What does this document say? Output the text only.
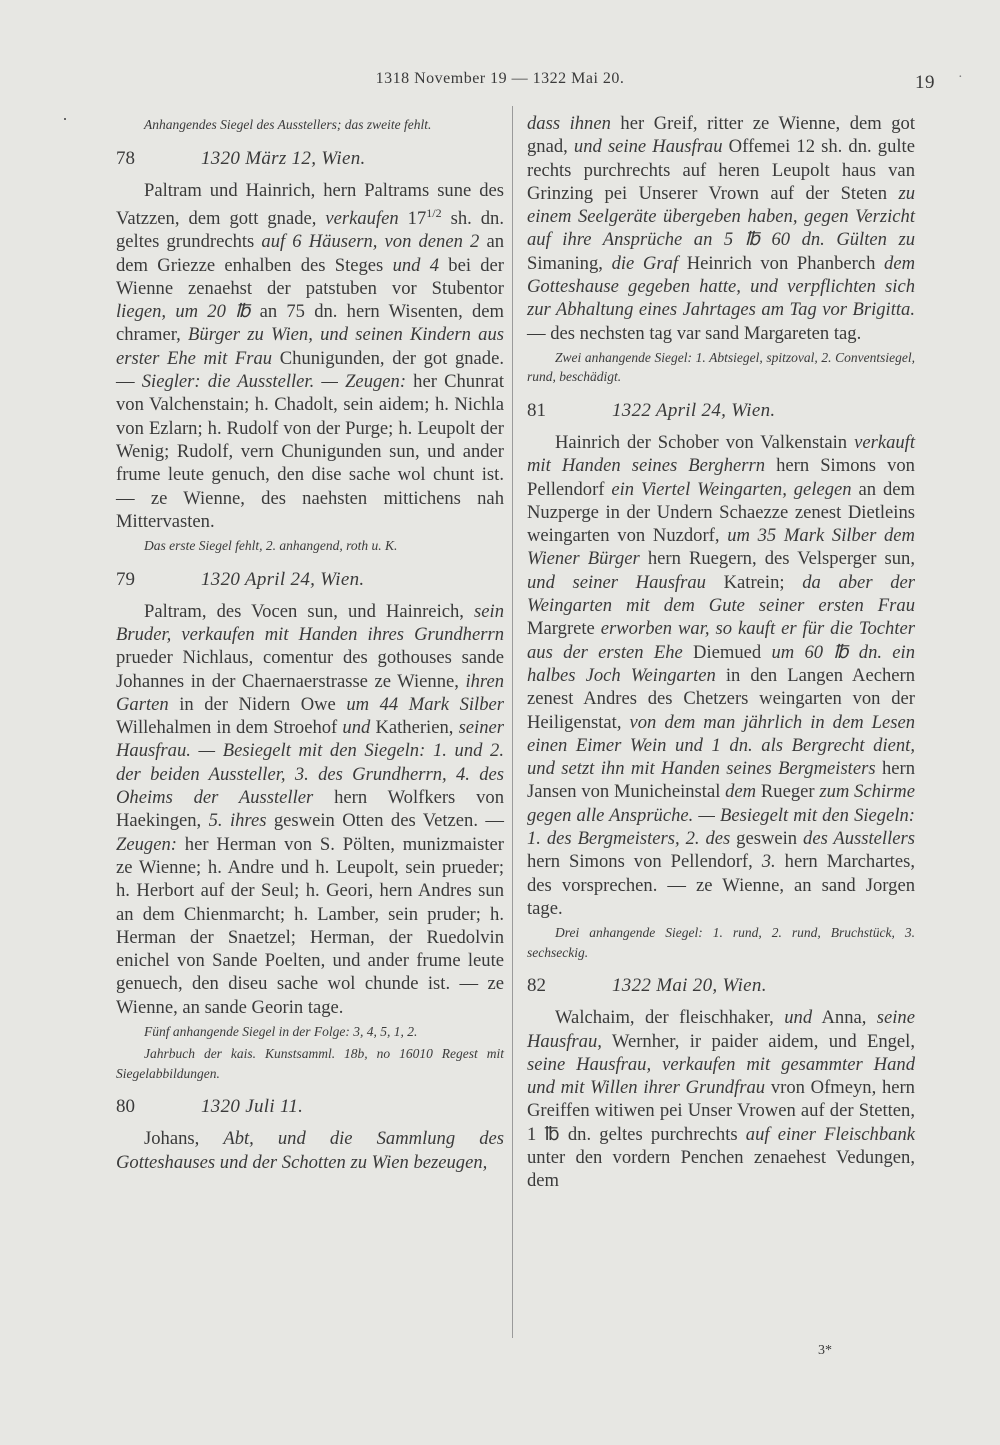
1318 November 19 — 1322 Mai 20.	19 ·

Anhangendes Siegel des Ausstellers; das zweite fehlt.

78	1320 März 12, Wien.

Paltram und Hainrich, hern Paltrams sune des Vatzzen, dem gott gnade, verkaufen $17^{1/2}$ sh. dn. geltes grundrechts auf 6 Häusern, von denen 2 an dem Griezze enhalben des Steges und 4 bei der Wienne zenaehst der patstuben vor Stubentor liegen, um 20 ℔ an 75 dn. hern Wisenten, dem chramer, Bürger zu Wien, und seinen Kindern aus erster Ehe mit Frau Chunigunden, der got gnade. — Siegler: die Aussteller. — Zeugen: her Chunrat von Valchenstain; h. Chadolt, sein aidem; h. Nichla von Ezlarn; h. Rudolf von der Purge; h. Leupolt der Wenig; Rudolf, vern Chunigunden sun, und ander frume leute genuch, den dise sache wol chunt ist. — ze Wienne, des naehsten mittichens nah Mittervasten.

Das erste Siegel fehlt, 2. anhangend, roth u. K.

79	1320 April 24, Wien.

Paltram, des Vocen sun, und Hainreich, sein Bruder, verkaufen mit Handen ihres Grundherrn prueder Nichlaus, comentur des gothouses sande Johannes in der Chaernaerstrasse ze Wienne, ihren Garten in der Nidern Owe um 44 Mark Silber Willehalmen in dem Stroehof und Katherien, seiner Hausfrau. — Besiegelt mit den Siegeln: 1. und 2. der beiden Aussteller, 3. des Grundherrn, 4. des Oheims der Aussteller hern Wolfkers von Haekingen, 5. ihres geswein Otten des Vetzen. — Zeugen: her Herman von S. Pölten, munizmaister ze Wienne; h. Andre und h. Leupolt, sein prueder; h. Herbort auf der Seul; h. Geori, hern Andres sun an dem Chienmarcht; h. Lamber, sein pruder; h. Herman der Snaetzel; Herman, der Ruedolvin enichel von Sande Poelten, und ander frume leute genuech, den diseu sache wol chunde ist. — ze Wienne, an sande Georin tage.

Fünf anhangende Siegel in der Folge: 3, 4, 5, 1, 2.

Jahrbuch der kais. Kunstsamml. 18b, no 16010 Regest mit Siegelabbildungen.

80	1320 Juli 11.

Johans, Abt, und die Sammlung des Gotteshauses und der Schotten zu Wien bezeugen,

dass ihnen her Greif, ritter ze Wienne, dem got gnad, und seine Hausfrau Offemei 12 sh. dn. gulte rechts purchrechts auf heren Leupolt haus van Grinzing pei Unserer Vrown auf der Steten zu einem Seelgeräte übergeben haben, gegen Verzicht auf ihre Ansprüche an 5 ℔ 60 dn. Gülten zu Simaning, die Graf Heinrich von Phanberch dem Gotteshause gegeben hatte, und verpflichten sich zur Abhaltung eines Jahrtages am Tag vor Brigitta. — des nechsten tag var sand Margareten tag.

Zwei anhangende Siegel: 1. Abtsiegel, spitzoval, 2. Conventsiegel, rund, beschädigt.

81	1322 April 24, Wien.

Hainrich der Schober von Valkenstain verkauft mit Handen seines Bergherrn hern Simons von Pellendorf ein Viertel Weingarten, gelegen an dem Nuzperge in der Undern Schaezze zenest Dietleins weingarten von Nuzdorf, um 35 Mark Silber dem Wiener Bürger hern Ruegern, des Velsperger sun, und seiner Hausfrau Katrein; da aber der Weingarten mit dem Gute seiner ersten Frau Margrete erworben war, so kauft er für die Tochter aus der ersten Ehe Diemued um 60 ℔ dn. ein halbes Joch Weingarten in den Langen Aechern zenest Andres des Chetzers weingarten von der Heiligenstat, von dem man jährlich in dem Lesen einen Eimer Wein und 1 dn. als Bergrecht dient, und setzt ihn mit Handen seines Bergmeisters hern Jansen von Municheinstal dem Rueger zum Schirme gegen alle Ansprüche. — Besiegelt mit den Siegeln: 1. des Bergmeisters, 2. des geswein des Ausstellers hern Simons von Pellendorf, 3. hern Marchartes, des vorsprechen. — ze Wienne, an sand Jorgen tage.

Drei anhangende Siegel: 1. rund, 2. rund, Bruchstück, 3. sechseckig.

82	1322 Mai 20, Wien.

Walchaim, der fleischhaker, und Anna, seine Hausfrau, Wernher, ir paider aidem, und Engel, seine Hausfrau, verkaufen mit gesammter Hand und mit Willen ihrer Grundfrau vron Ofmeyn, hern Greiffen witiwen pei Unser Vrowen auf der Stetten, 1 ℔ dn. geltes purchrechts auf einer Fleischbank unter den vordern Penchen zenaehest Vedungen, dem

3*
